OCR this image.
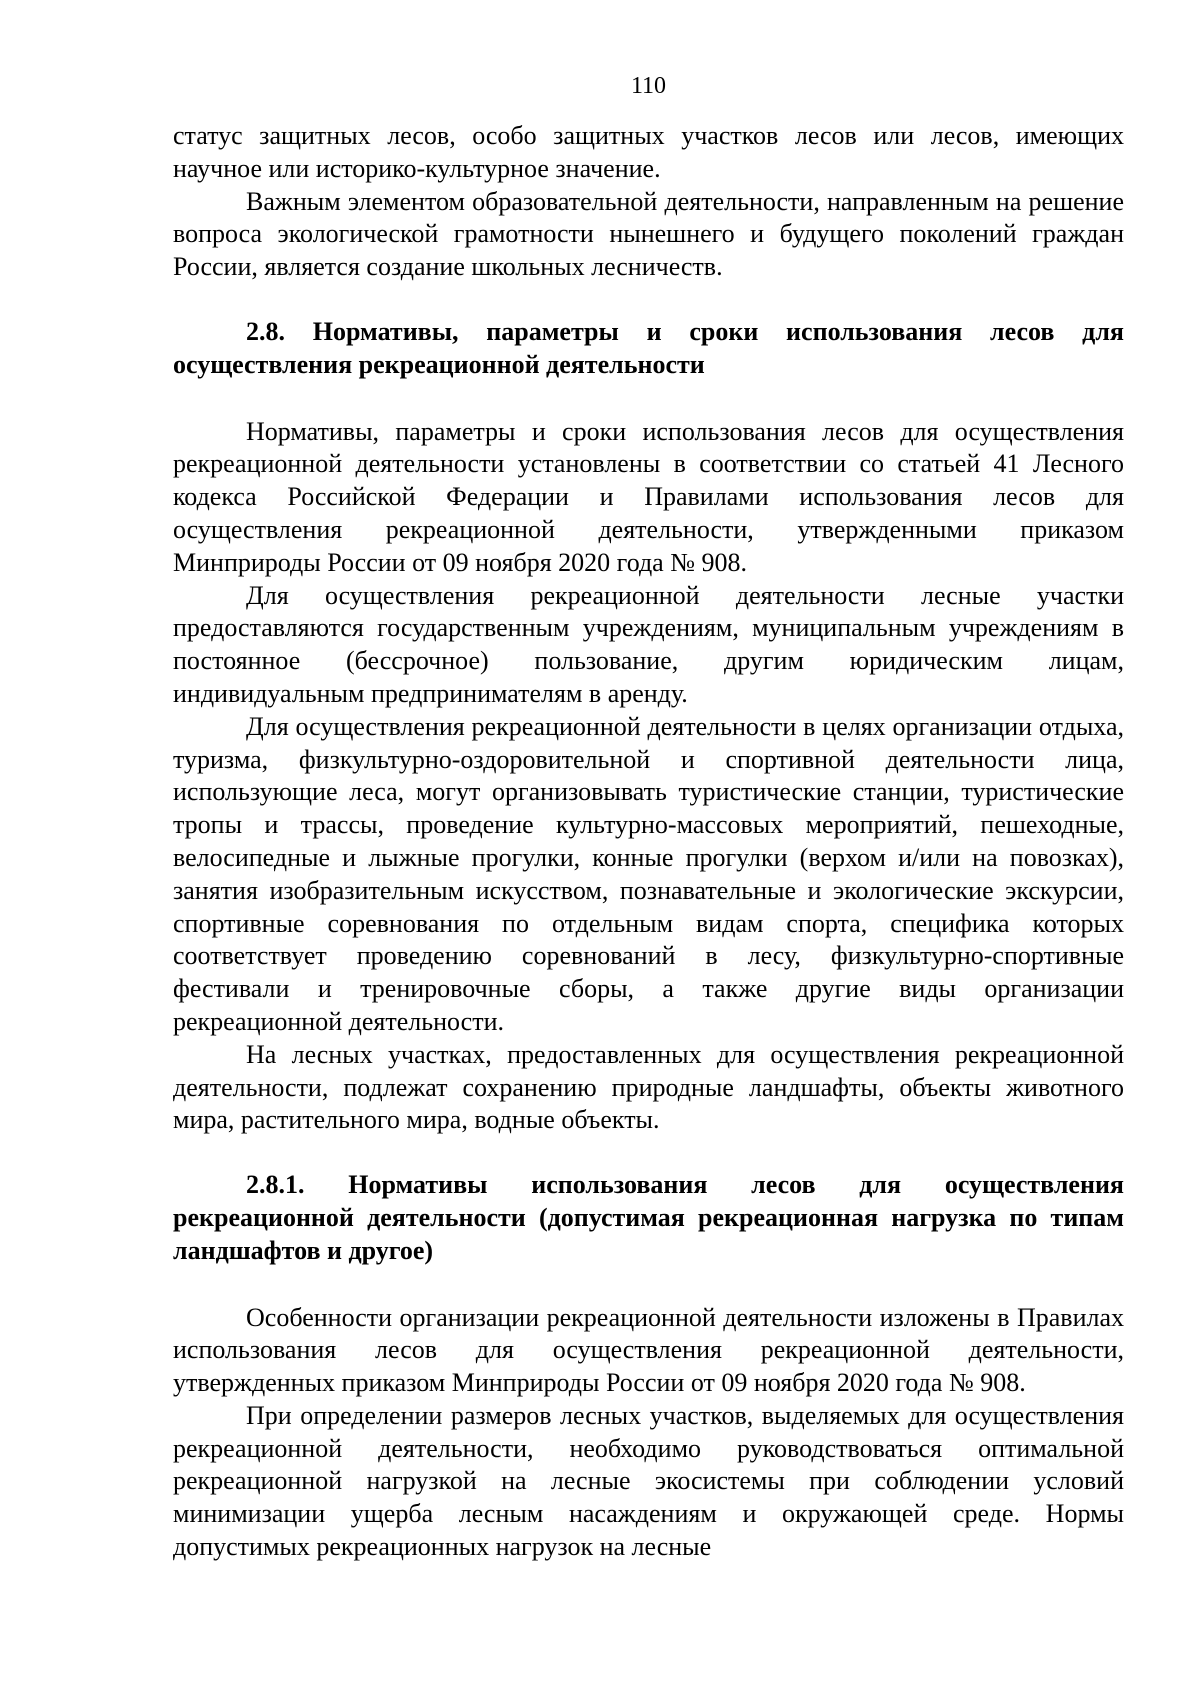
110

статус защитных лесов, особо защитных участков лесов или лесов, имеющих научное или историко-культурное значение.

Важным элементом образовательной деятельности, направленным на решение вопроса экологической грамотности нынешнего и будущего поколений граждан России, является создание школьных лесничеств.

2.8. Нормативы, параметры и сроки использования лесов для осуществления рекреационной деятельности

Нормативы, параметры и сроки использования лесов для осуществления рекреационной деятельности установлены в соответствии со статьей 41 Лесного кодекса Российской Федерации и Правилами использования лесов для осуществления рекреационной деятельности, утвержденными приказом Минприроды России от 09 ноября 2020 года № 908.

Для осуществления рекреационной деятельности лесные участки предоставляются государственным учреждениям, муниципальным учреждениям в постоянное (бессрочное) пользование, другим юридическим лицам, индивидуальным предпринимателям в аренду.

Для осуществления рекреационной деятельности в целях организации отдыха, туризма, физкультурно-оздоровительной и спортивной деятельности лица, использующие леса, могут организовывать туристические станции, туристические тропы и трассы, проведение культурно-массовых мероприятий, пешеходные, велосипедные и лыжные прогулки, конные прогулки (верхом и/или на повозках), занятия изобразительным искусством, познавательные и экологические экскурсии, спортивные соревнования по отдельным видам спорта, специфика которых соответствует проведению соревнований в лесу, физкультурно-спортивные фестивали и тренировочные сборы, а также другие виды организации рекреационной деятельности.

На лесных участках, предоставленных для осуществления рекреационной деятельности, подлежат сохранению природные ландшафты, объекты животного мира, растительного мира, водные объекты.

2.8.1. Нормативы использования лесов для осуществления рекреационной деятельности (допустимая рекреационная нагрузка по типам ландшафтов и другое)

Особенности организации рекреационной деятельности изложены в Правилах использования лесов для осуществления рекреационной деятельности, утвержденных приказом Минприроды России от 09 ноября 2020 года № 908.

При определении размеров лесных участков, выделяемых для осуществления рекреационной деятельности, необходимо руководствоваться оптимальной рекреационной нагрузкой на лесные экосистемы при соблюдении условий минимизации ущерба лесным насаждениям и окружающей среде. Нормы допустимых рекреационных нагрузок на лесные
